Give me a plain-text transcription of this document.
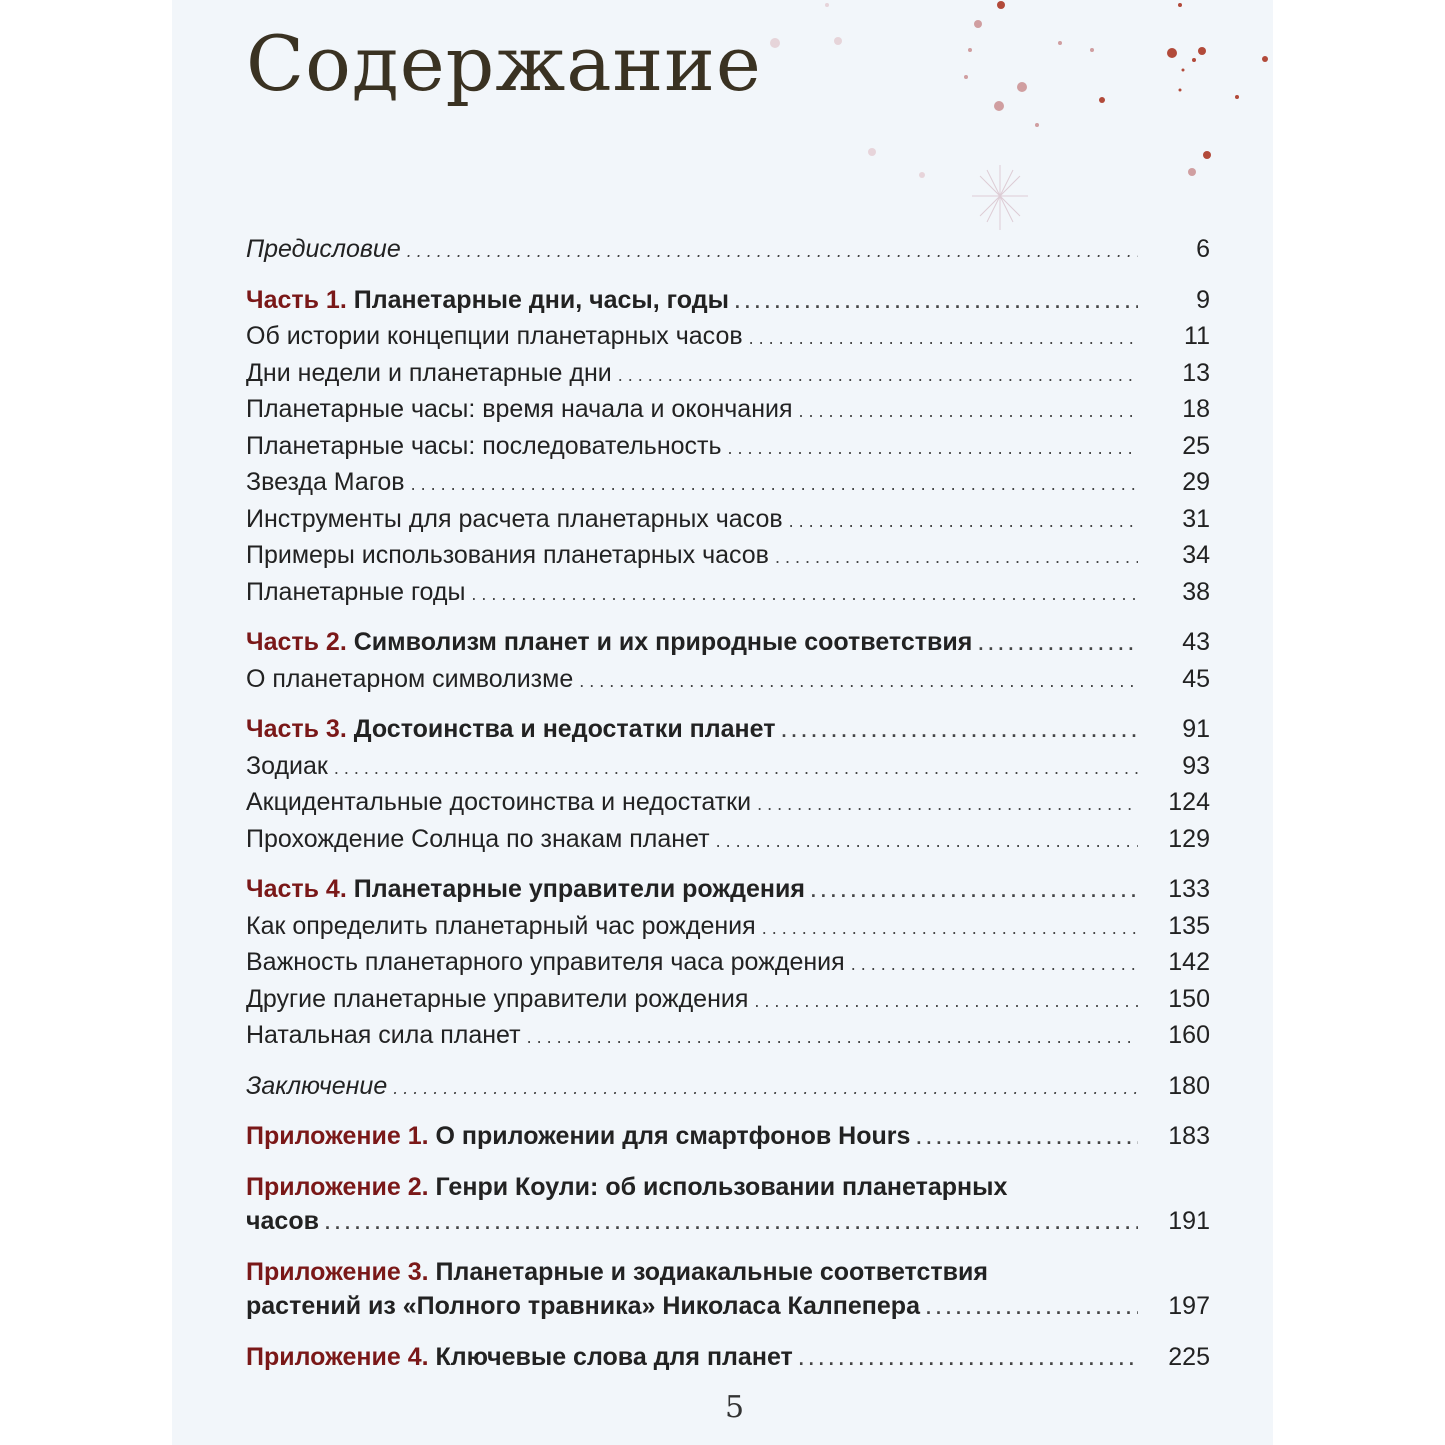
Содержание
Предисловие . . .	6
Часть 1. Планетарные дни, часы, годы . . .	9
Об истории концепции планетарных часов . . .	11
Дни недели и планетарные дни . . .	13
Планетарные часы: время начала и окончания . . .	18
Планетарные часы: последовательность . . .	25
Звезда Магов . . .	29
Инструменты для расчета планетарных часов . . .	31
Примеры использования планетарных часов . . .	34
Планетарные годы . . .	38
Часть 2. Символизм планет и их природные соответствия . . .	43
О планетарном символизме . . .	45
Часть 3. Достоинства и недостатки планет . . .	91
Зодиак . . .	93
Акцидентальные достоинства и недостатки . . .	124
Прохождение Солнца по знакам планет . . .	129
Часть 4. Планетарные управители рождения . . .	133
Как определить планетарный час рождения . . .	135
Важность планетарного управителя часа рождения . . .	142
Другие планетарные управители рождения . . .	150
Натальная сила планет . . .	160
Заключение . . .	180
Приложение 1. О приложении для смартфонов Hours . . .	183
Приложение 2. Генри Коули: об использовании планетарных
часов . . .	191
Приложение 3. Планетарные и зодиакальные соответствия
растений из «Полного травника» Николаса Калпепера . . .	197
Приложение 4. Ключевые слова для планет . . .	225
5
